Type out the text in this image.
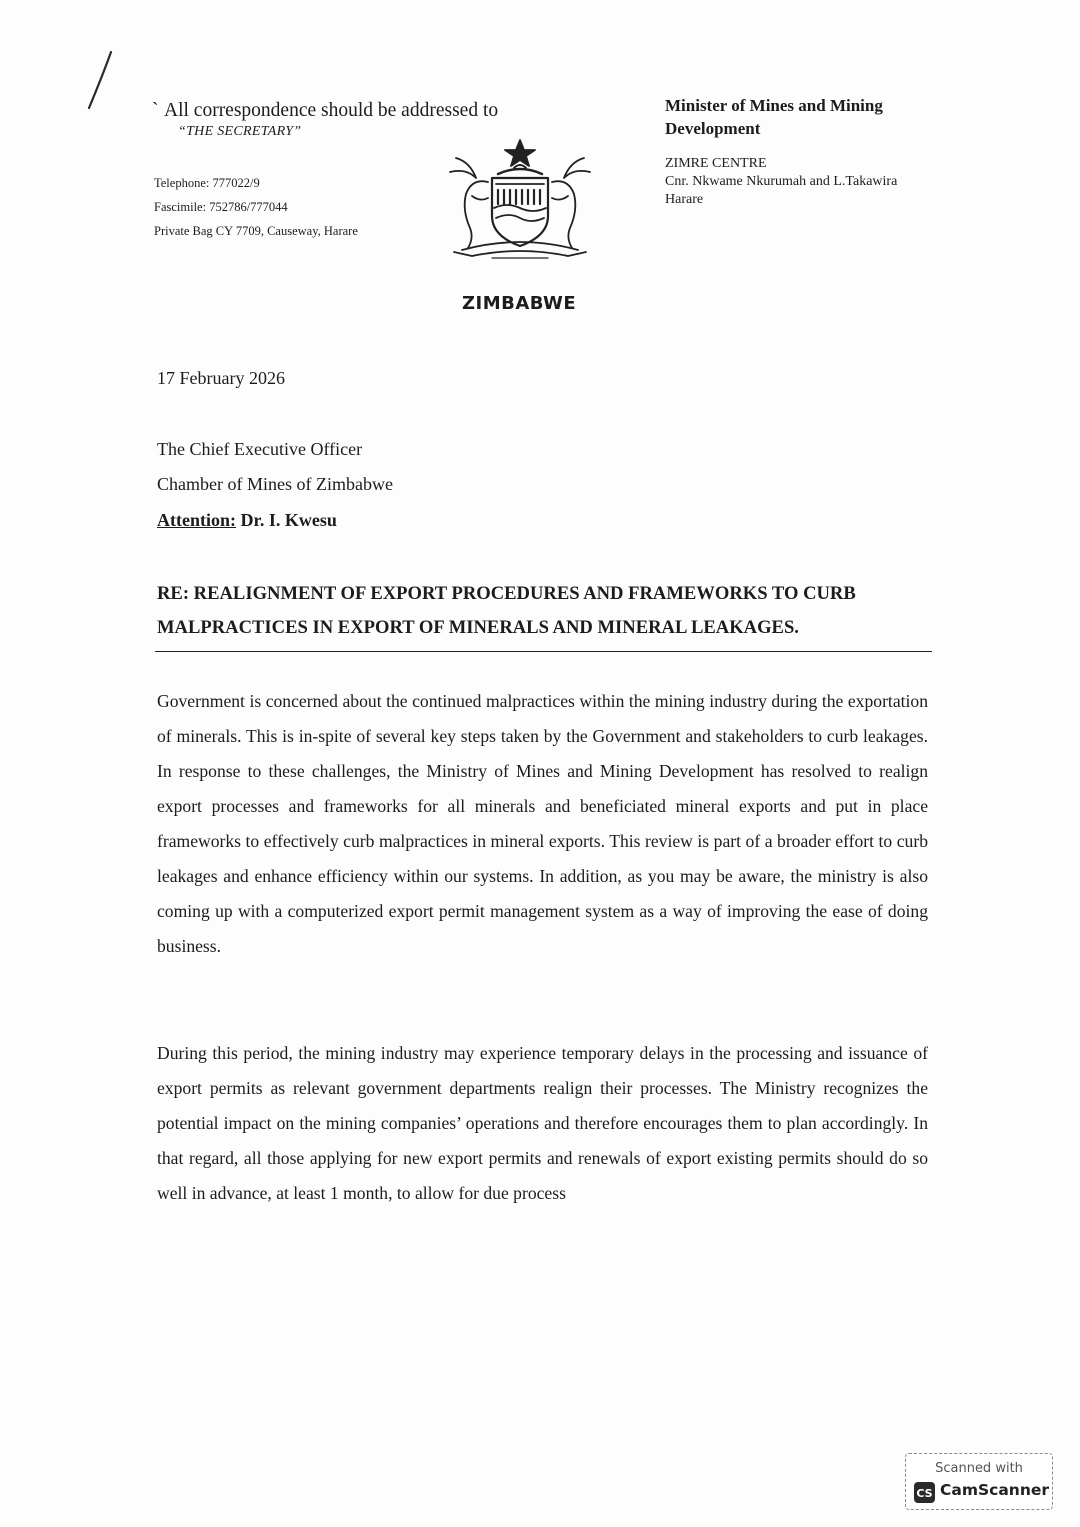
ˋ All correspondence should be addressed to
“THE SECRETARY”
Telephone: 777022/9
Fascimile: 752786/777044
Private Bag CY 7709, Causeway, Harare
ZIMBABWE
Minister of Mines and Mining Development
ZIMRE CENTRE
Cnr. Nkwame Nkurumah and L.Takawira
Harare
17 February 2026
The Chief Executive Officer
Chamber of Mines of Zimbabwe
Attention: Dr. I. Kwesu
RE: REALIGNMENT OF EXPORT PROCEDURES AND FRAMEWORKS TO CURB MALPRACTICES IN EXPORT OF MINERALS AND MINERAL LEAKAGES.
Government is concerned about the continued malpractices within the mining industry during the exportation of minerals. This is in-spite of several key steps taken by the Government and stakeholders to curb leakages. In response to these challenges, the Ministry of Mines and Mining Development has resolved to realign export processes and frameworks for all minerals and beneficiated mineral exports and put in place frameworks to effectively curb malpractices in mineral exports. This review is part of a broader effort to curb leakages and enhance efficiency within our systems. In addition, as you may be aware, the ministry is also coming up with a computerized export permit management system as a way of improving the ease of doing business.
During this period, the mining industry may experience temporary delays in the processing and issuance of export permits as relevant government departments realign their processes. The Ministry recognizes the potential impact on the mining companies’ operations and therefore encourages them to plan accordingly. In that regard, all those applying for new export permits and renewals of export existing permits should do so well in advance, at least 1 month, to allow for due process
Scanned with
CS CamScanner
